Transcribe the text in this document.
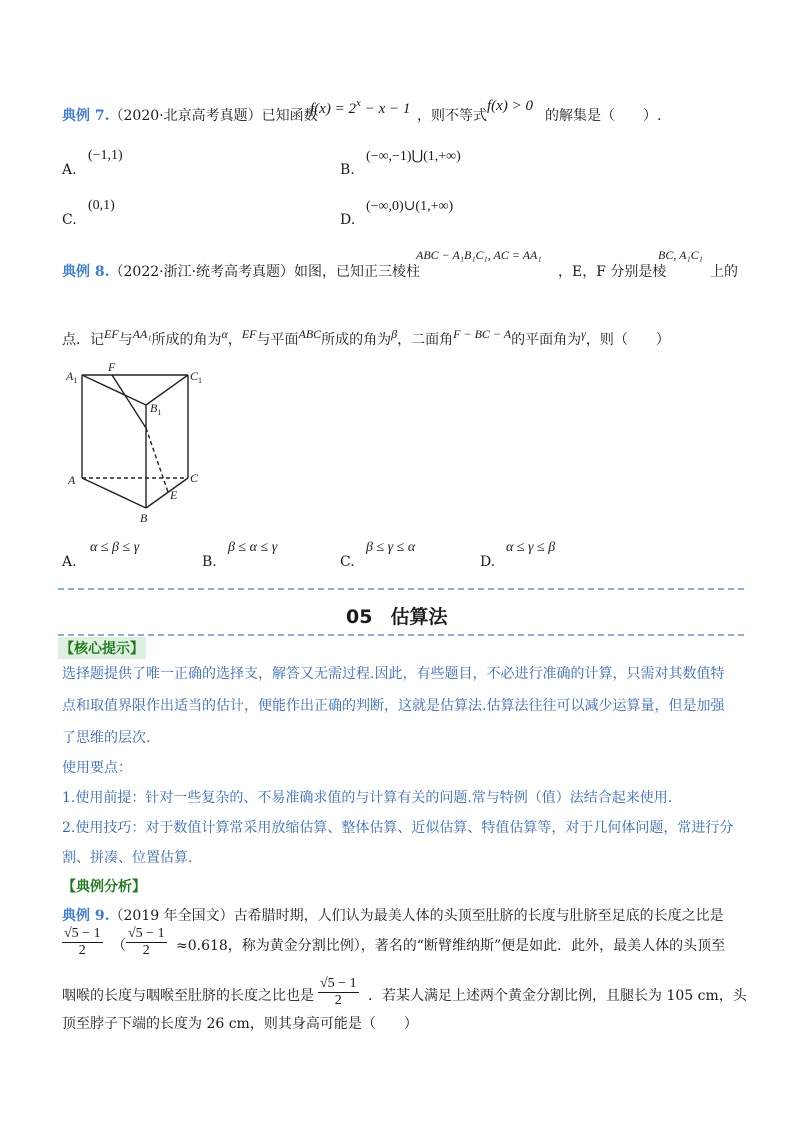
典例 7.（2020·北京高考真题）已知函数
$f(x) = 2^x - x - 1$ ，则不等式
f(x) > 0
的解集是（　　）.
A.
(−1,1)
B.
(−∞,−1)⋃(1,+∞)
C.
(0,1)
D.
(−∞,0)∪(1,+∞)
典例 8.（2022·浙江·统考高考真题）如图，已知正三棱柱
ABC − A₁B₁C₁, AC = AA₁
，E，F 分别是棱
BC, A₁C₁
上的
点．记EF与AA₁所成的角为α，EF与平面ABC所成的角为β，二面角F − BC − A的平面角为γ，则（　　）
$A_1$
F
$C_1$
$B_1$
A	C
E
B
A.
α ≤ β ≤ γ
B.
β ≤ α ≤ γ
C.
β ≤ γ ≤ α
D.
α ≤ γ ≤ β
05 估算法
【核心提示】
选择题提供了唯一正确的选择支，解答又无需过程.因此，有些题目，不必进行准确的计算，只需对其数值特
点和取值界限作出适当的估计，便能作出正确的判断，这就是估算法.估算法往往可以减少运算量，但是加强
了思维的层次.
使用要点：
1.使用前提：针对一些复杂的、不易准确求值的与计算有关的问题.常与特例（值）法结合起来使用.
2.使用技巧：对于数值计算常采用放缩估算、整体估算、近似估算、特值估算等，对于几何体问题，常进行分
割、拼凑、位置估算.
【典例分析】
典例 9.（2019 年全国文）古希腊时期，人们认为最美人体的头顶至肚脐的长度与肚脐至足底的长度之比是
$\frac{√5 - 1}{2}$ （ $\frac{√5 - 1}{2} \approx 0.618$，称为黄金分割比例），著名的“断臂维纳斯”便是如此．此外，最美人体的头顶至
咽喉的长度与咽喉至肚脐的长度之比也是 $\frac{√5 - 1}{2}$ ．若某人满足上述两个黄金分割比例，且腿长为 105 cm，头
顶至脖子下端的长度为 26 cm，则其身高可能是（　　）
